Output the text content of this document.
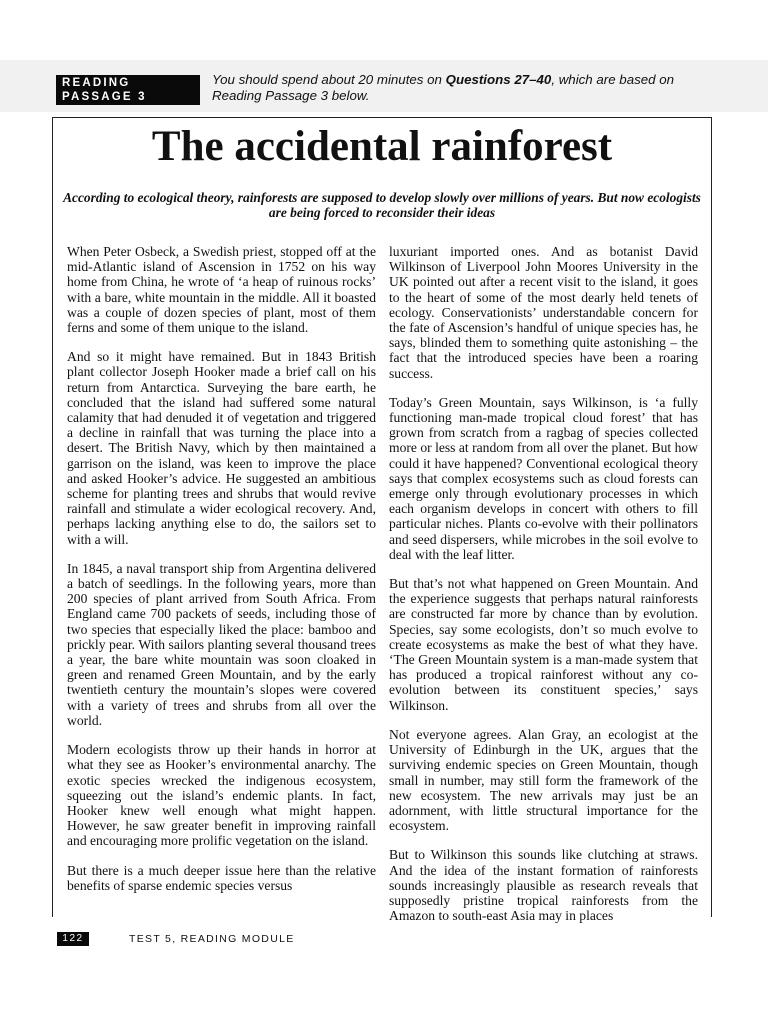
READING
PASSAGE 3
You should spend about 20 minutes on Questions 27–40, which are based on Reading Passage 3 below.
The accidental rainforest
According to ecological theory, rainforests are supposed to develop slowly over millions of years. But now ecologists are being forced to reconsider their ideas

When Peter Osbeck, a Swedish priest, stopped off at the mid-Atlantic island of Ascension in 1752 on his way home from China, he wrote of ‘a heap of ruinous rocks’ with a bare, white mountain in the middle. All it boasted was a couple of dozen species of plant, most of them ferns and some of them unique to the island.

And so it might have remained. But in 1843 British plant collector Joseph Hooker made a brief call on his return from Antarctica. Surveying the bare earth, he concluded that the island had suffered some natural calamity that had denuded it of vegetation and triggered a decline in rainfall that was turning the place into a desert. The British Navy, which by then maintained a garrison on the island, was keen to improve the place and asked Hooker’s advice. He suggested an ambitious scheme for planting trees and shrubs that would revive rainfall and stimulate a wider ecological recovery. And, perhaps lacking anything else to do, the sailors set to with a will.

In 1845, a naval transport ship from Argentina delivered a batch of seedlings. In the following years, more than 200 species of plant arrived from South Africa. From England came 700 packets of seeds, including those of two species that especially liked the place: bamboo and prickly pear. With sailors planting several thousand trees a year, the bare white mountain was soon cloaked in green and renamed Green Mountain, and by the early twentieth century the mountain’s slopes were covered with a variety of trees and shrubs from all over the world.

Modern ecologists throw up their hands in horror at what they see as Hooker’s environmental anarchy. The exotic species wrecked the indigenous ecosystem, squeezing out the island’s endemic plants. In fact, Hooker knew well enough what might happen. However, he saw greater benefit in improving rainfall and encouraging more prolific vegetation on the island.

But there is a much deeper issue here than the relative benefits of sparse endemic species versus

luxuriant imported ones. And as botanist David Wilkinson of Liverpool John Moores University in the UK pointed out after a recent visit to the island, it goes to the heart of some of the most dearly held tenets of ecology. Conservationists’ understandable concern for the fate of Ascension’s handful of unique species has, he says, blinded them to something quite astonishing – the fact that the introduced species have been a roaring success.

Today’s Green Mountain, says Wilkinson, is ‘a fully functioning man-made tropical cloud forest’ that has grown from scratch from a ragbag of species collected more or less at random from all over the planet. But how could it have happened? Conventional ecological theory says that complex ecosystems such as cloud forests can emerge only through evolutionary processes in which each organism develops in concert with others to fill particular niches. Plants co-evolve with their pollinators and seed dispersers, while microbes in the soil evolve to deal with the leaf litter.

But that’s not what happened on Green Mountain. And the experience suggests that perhaps natural rainforests are constructed far more by chance than by evolution. Species, say some ecologists, don’t so much evolve to create ecosystems as make the best of what they have. ‘The Green Mountain system is a man-made system that has produced a tropical rainforest without any co-evolution between its constituent species,’ says Wilkinson.

Not everyone agrees. Alan Gray, an ecologist at the University of Edinburgh in the UK, argues that the surviving endemic species on Green Mountain, though small in number, may still form the framework of the new ecosystem. The new arrivals may just be an adornment, with little structural importance for the ecosystem.

But to Wilkinson this sounds like clutching at straws. And the idea of the instant formation of rainforests sounds increasingly plausible as research reveals that supposedly pristine tropical rainforests from the Amazon to south-east Asia may in places

122	TEST 5, READING MODULE
